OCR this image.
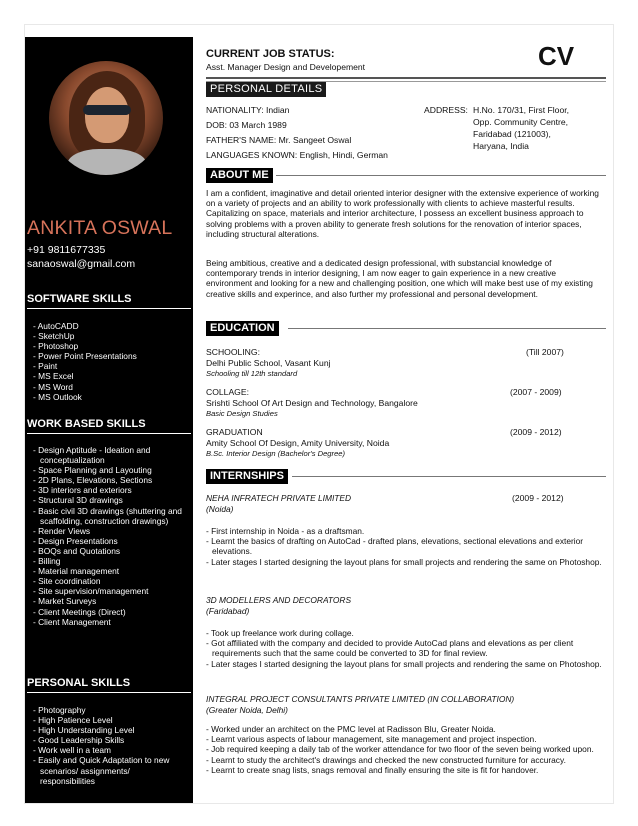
ANKITA OSWAL
+91 9811677335
sanaoswal@gmail.com
SOFTWARE SKILLS
- AutoCADD
- SketchUp
- Photoshop
- Power Point Presentations
- Paint
- MS Excel
- MS Word
- MS Outlook
WORK BASED SKILLS
- Design Aptitude - Ideation and conceptualization
- Space Planning and Layouting
- 2D Plans, Elevations, Sections
- 3D interiors and exteriors
- Structural 3D drawings
- Basic civil 3D drawings (shuttering and scaffolding, construction drawings)
- Render Views
- Design Presentations
- BOQs and Quotations
- Billing
- Material management
- Site coordination
- Site supervision/management
- Market Surveys
- Client Meetings (Direct)
- Client Management
PERSONAL SKILLS
- Photography
- High Patience Level
- High Understanding Level
- Good Leadership Skills
- Work well in a team
- Easily and Quick Adaptation to new scenarios/ assignments/ responsibilities
CURRENT JOB STATUS:
Asst. Manager Design and Developement	CV
PERSONAL DETAILS
NATIONALITY: Indian
DOB: 03 March 1989
FATHER'S NAME: Mr. Sangeet Oswal
LANGUAGES KNOWN: English, Hindi, German
ADDRESS: H.No. 170/31, First Floor,
Opp. Community Centre,
Faridabad (121003),
Haryana, India
ABOUT ME
I am a confident, imaginative and detail oriented interior designer with the extensive experience of working on a variety of projects and an ability to work professionally with clients to achieve masterful results. Capitalizing on space, materials and interior architecture, I possess an excellent business approach to solving problems with a proven ability to generate fresh solutions for the renovation of interior spaces, including structural alterations.
Being ambitious, creative and a dedicated design professional, with substancial knowledge of contemporary trends in interior designing, I am now eager to gain experience in a new creative environment and looking for a new and challenging position, one which will make best use of my existing creative skills and experince, and also further my professional and personal development.
EDUCATION
SCHOOLING:
Delhi Public School, Vasant Kunj
Schooling till 12th standard
(Till 2007)
COLLAGE:
Srishti School Of Art Design and Technology, Bangalore
Basic Design Studies
(2007 - 2009)
GRADUATION
Amity School Of Design, Amity University, Noida
B.Sc. Interior Design (Bachelor's Degree)
(2009 - 2012)
INTERNSHIPS
NEHA INFRATECH PRIVATE LIMITED
(Noida)
(2009 - 2012)
- First internship in Noida - as a draftsman.
- Learnt the basics of drafting on AutoCad - drafted plans, elevations, sectional elevations and exterior elevations.
- Later stages I started designing the layout plans for small projects and rendering the same on Photoshop.
3D MODELLERS AND DECORATORS
(Faridabad)
- Took up freelance work during collage.
- Got affiliated with the company and decided to provide AutoCad plans and elevations as per client requirements such that the same could be converted to 3D for final review.
- Later stages I started designing the layout plans for small projects and rendering the same on Photoshop.
INTEGRAL PROJECT CONSULTANTS PRIVATE LIMITED (IN COLLABORATION)
(Greater Noida, Delhi)
- Worked under an architect on the PMC level at Radisson Blu, Greater Noida.
- Learnt various aspects of labour management, site management and project inspection.
- Job required keeping a daily tab of the worker attendance for two floor of the seven being worked upon.
- Learnt to study the architect's drawings and checked the new constructed furniture for accuracy.
- Learnt to create snag lists, snags removal and finally ensuring the site is fit for handover.
